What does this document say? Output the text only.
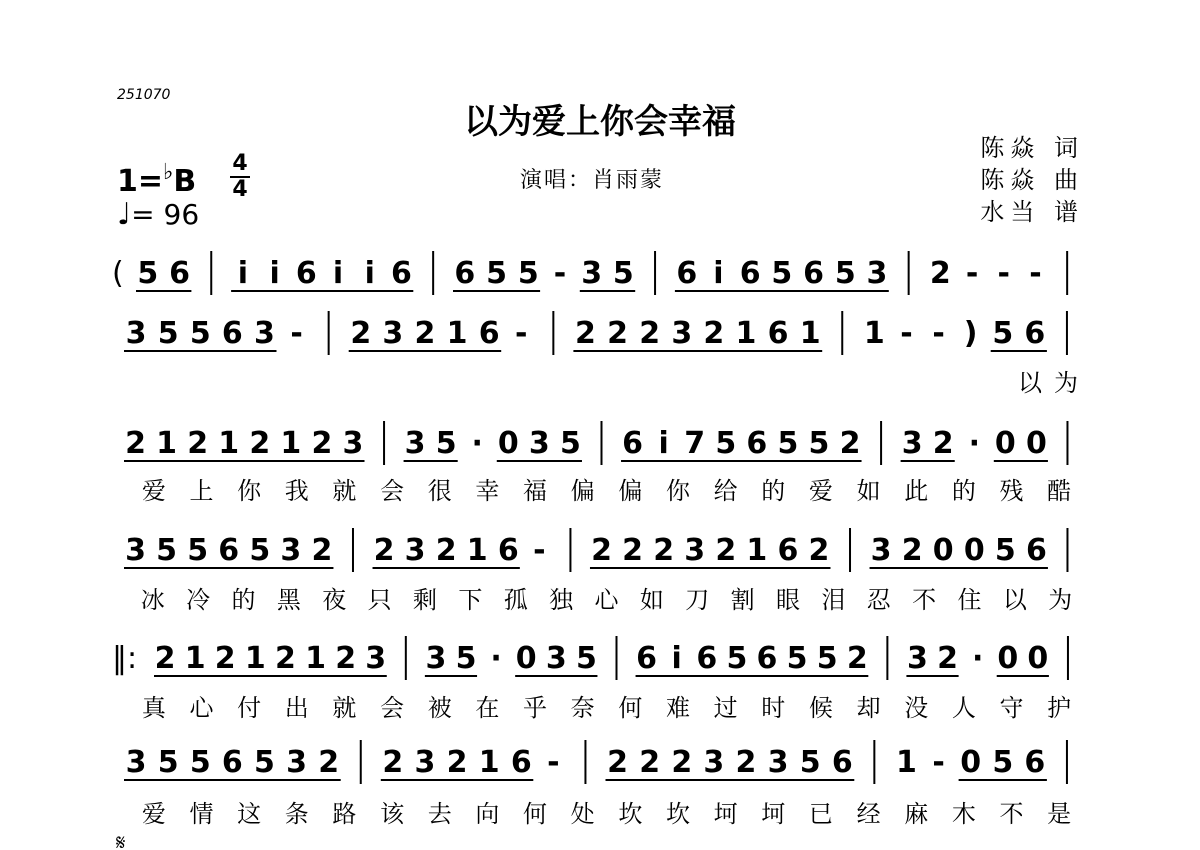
251070
以为爱上你会幸福
陈焱 词
陈焱 曲
水当 谱
演唱：肖雨蒙
1=♭B
4
4
♩= 96
( 5 6 i i 6 i i 6 6 5 5 - 3 5 6 i 6 5 6 5 3 2 - - -
3 5 5 6 3 - 2 3 2 1 6 - 2 2 2 3 2 1 6 1 1 - - ) 5 6
以 为
2 1 2 1 2 1 2 3 3 5 · 0 3 5 6 i 7 5 6 5 5 2 3 2 · 0 0
爱 上 你 我 就 会 很 幸 福 偏 偏 你 给 的 爱 如 此 的 残 酷
3 5 5 6 5 3 2 2 3 2 1 6 - 2 2 2 3 2 1 6 2 3 2 0 0 5 6
冰 冷 的 黑 夜 只 剩 下 孤 独 心 如 刀 割 眼 泪 忍 不 住 以 为
‖: 2 1 2 1 2 1 2 3 3 5 · 0 3 5 6 i 6 5 6 5 5 2 3 2 · 0 0
真 心 付 出 就 会 被 在 乎 奈 何 难 过 时 候 却 没 人 守 护
3 5 5 6 5 3 2 2 3 2 1 6 - 2 2 2 3 2 3 5 6 1 - 0 5 6
爱 情 这 条 路 该 去 向 何 处 坎 坎 坷 坷 已 经 麻 木 不 是
𝄋
